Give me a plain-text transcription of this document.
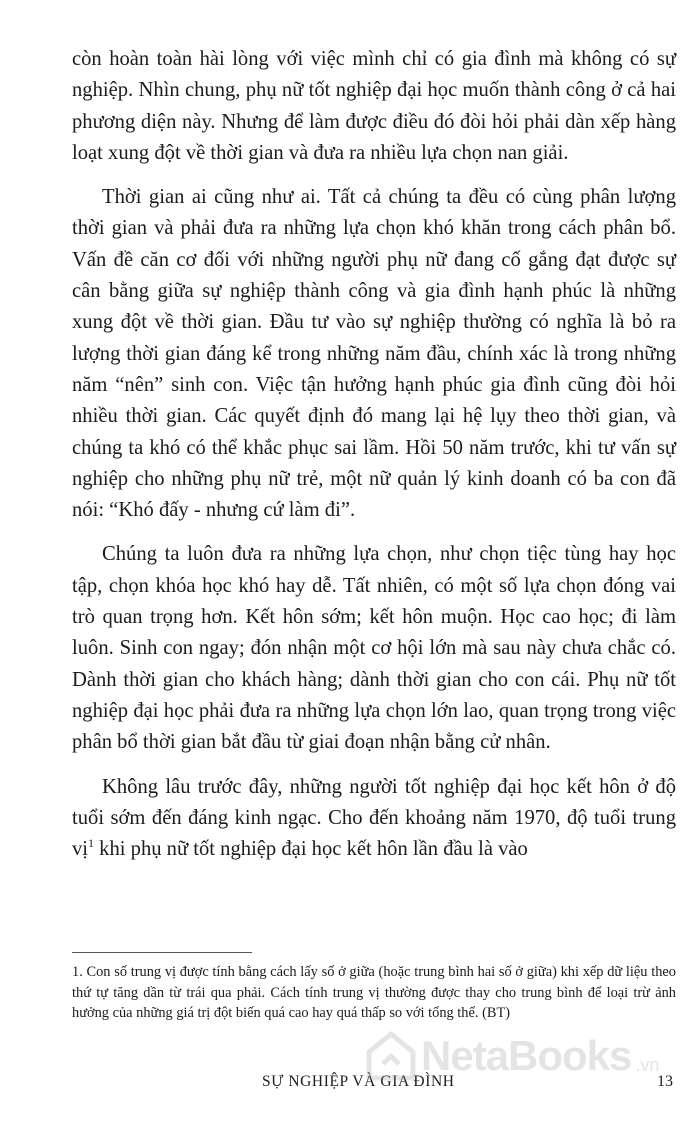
còn hoàn toàn hài lòng với việc mình chỉ có gia đình mà không có sự nghiệp. Nhìn chung, phụ nữ tốt nghiệp đại học muốn thành công ở cả hai phương diện này. Nhưng để làm được điều đó đòi hỏi phải dàn xếp hàng loạt xung đột về thời gian và đưa ra nhiều lựa chọn nan giải.

Thời gian ai cũng như ai. Tất cả chúng ta đều có cùng phân lượng thời gian và phải đưa ra những lựa chọn khó khăn trong cách phân bổ. Vấn đề căn cơ đối với những người phụ nữ đang cố gắng đạt được sự cân bằng giữa sự nghiệp thành công và gia đình hạnh phúc là những xung đột về thời gian. Đầu tư vào sự nghiệp thường có nghĩa là bỏ ra lượng thời gian đáng kể trong những năm đầu, chính xác là trong những năm “nên” sinh con. Việc tận hưởng hạnh phúc gia đình cũng đòi hỏi nhiều thời gian. Các quyết định đó mang lại hệ lụy theo thời gian, và chúng ta khó có thể khắc phục sai lầm. Hồi 50 năm trước, khi tư vấn sự nghiệp cho những phụ nữ trẻ, một nữ quản lý kinh doanh có ba con đã nói: “Khó đấy - nhưng cứ làm đi”.

Chúng ta luôn đưa ra những lựa chọn, như chọn tiệc tùng hay học tập, chọn khóa học khó hay dễ. Tất nhiên, có một số lựa chọn đóng vai trò quan trọng hơn. Kết hôn sớm; kết hôn muộn. Học cao học; đi làm luôn. Sinh con ngay; đón nhận một cơ hội lớn mà sau này chưa chắc có. Dành thời gian cho khách hàng; dành thời gian cho con cái. Phụ nữ tốt nghiệp đại học phải đưa ra những lựa chọn lớn lao, quan trọng trong việc phân bổ thời gian bắt đầu từ giai đoạn nhận bằng cử nhân.

Không lâu trước đây, những người tốt nghiệp đại học kết hôn ở độ tuổi sớm đến đáng kinh ngạc. Cho đến khoảng năm 1970, độ tuổi trung vị$^1$ khi phụ nữ tốt nghiệp đại học kết hôn lần đầu là vào

1. Con số trung vị được tính bằng cách lấy số ở giữa (hoặc trung bình hai số ở giữa) khi xếp dữ liệu theo thứ tự tăng dần từ trái qua phải. Cách tính trung vị thường được thay cho trung bình để loại trừ ảnh hưởng của những giá trị đột biến quá cao hay quá thấp so với tổng thể. (BT)

SỰ NGHIỆP VÀ GIA ĐÌNH	13
NetaBooks .vn
